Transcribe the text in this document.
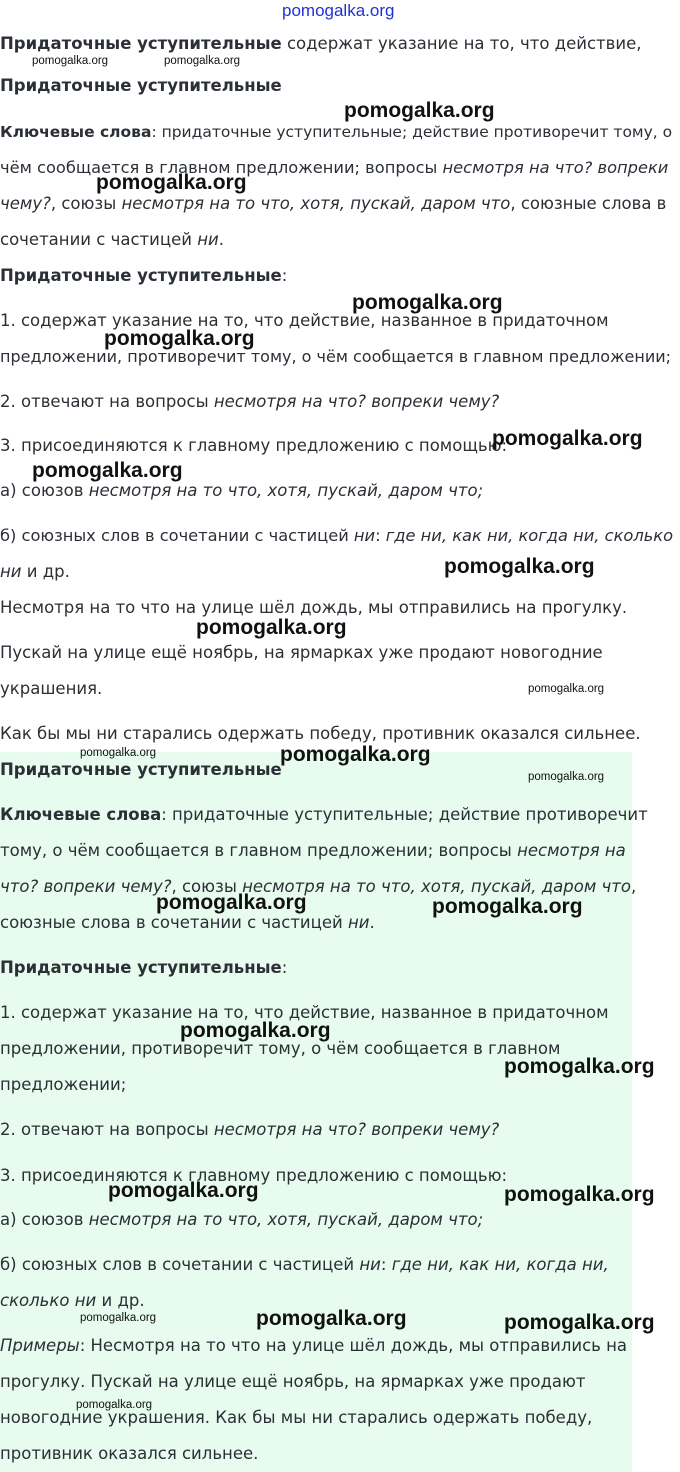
Придаточные уступительные содержат указание на то, что действие,
Придаточные уступительные
Ключевые слова: придаточные уступительные; действие противоречит тому, о
чём сообщается в главном предложении; вопросы несмотря на что? вопреки
чему?, союзы несмотря на то что, хотя, пускай, даром что, союзные слова в
сочетании с частицей ни.
Придаточные уступительные:
1. содержат указание на то, что действие, названное в придаточном
предложении, противоречит тому, о чём сообщается в главном предложении;
2. отвечают на вопросы несмотря на что? вопреки чему?
3. присоединяются к главному предложению с помощью:
а) союзов несмотря на то что, хотя, пускай, даром что;
б) союзных слов в сочетании с частицей ни: где ни, как ни, когда ни, сколько
ни и др.
Несмотря на то что на улице шёл дождь, мы отправились на прогулку.
Пускай на улице ещё ноябрь, на ярмарках уже продают новогодние
украшения.
Как бы мы ни старались одержать победу, противник оказался сильнее.
Придаточные уступительные
Ключевые слова: придаточные уступительные; действие противоречит
тому, о чём сообщается в главном предложении; вопросы несмотря на
что? вопреки чему?, союзы несмотря на то что, хотя, пускай, даром что,
союзные слова в сочетании с частицей ни.
Придаточные уступительные:
1. содержат указание на то, что действие, названное в придаточном
предложении, противоречит тому, о чём сообщается в главном
предложении;
2. отвечают на вопросы несмотря на что? вопреки чему?
3. присоединяются к главному предложению с помощью:
а) союзов несмотря на то что, хотя, пускай, даром что;
б) союзных слов в сочетании с частицей ни: где ни, как ни, когда ни,
сколько ни и др.
Примеры: Несмотря на то что на улице шёл дождь, мы отправились на
прогулку. Пускай на улице ещё ноябрь, на ярмарках уже продают
новогодние украшения. Как бы мы ни старались одержать победу,
противник оказался сильнее.
pomogalka.org
pomogalka.org	pomogalka.org
pomogalka.org
pomogalka.org
pomogalka.org
pomogalka.org
pomogalka.org
pomogalka.org
pomogalka.org
pomogalka.org
pomogalka.org
pomogalka.org	pomogalka.org
pomogalka.org
pomogalka.org	pomogalka.org
pomogalka.org
pomogalka.org
pomogalka.org	pomogalka.org
pomogalka.org	pomogalka.org	pomogalka.org
pomogalka.org
